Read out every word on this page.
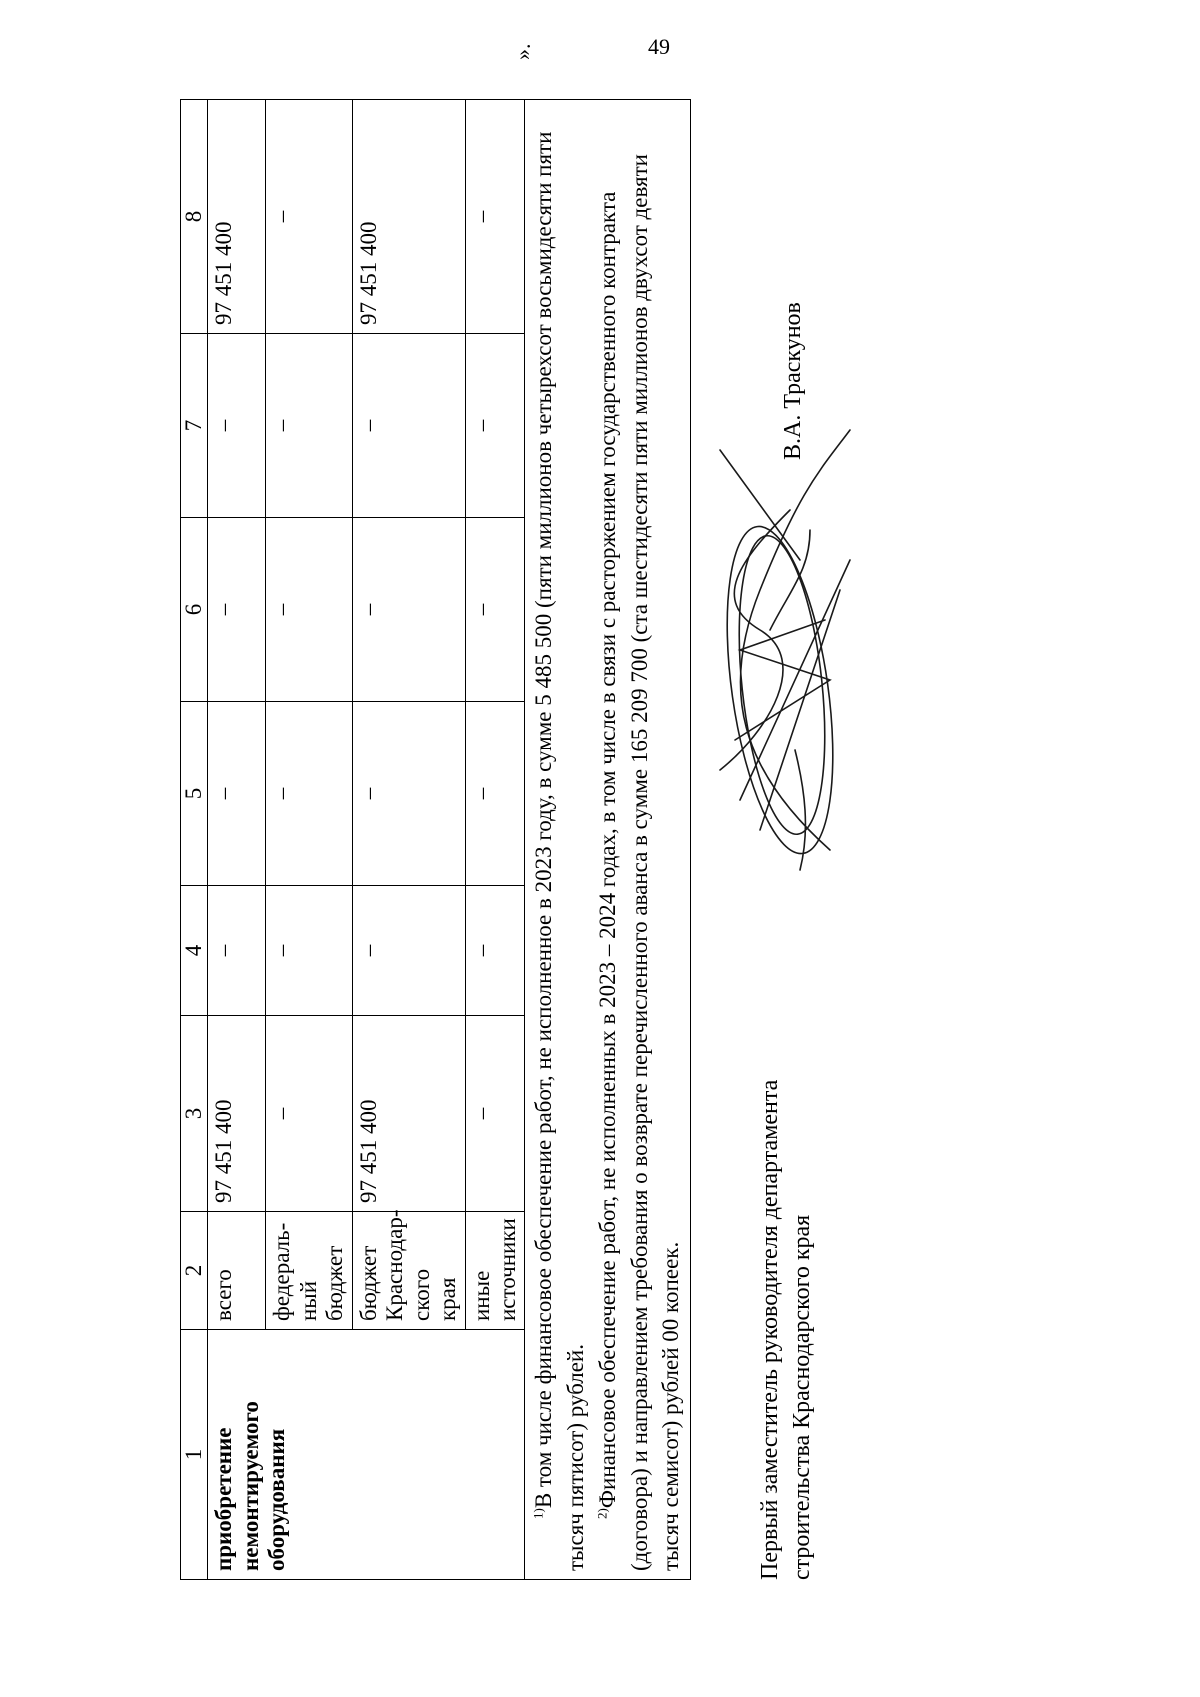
49
1	2	3	4	5	6	7	8
приобретение немонтируемого оборудования	всего	97 451 400	–	–	–	–	97 451 400
	федераль-ный бюджет	–	–	–	–	–	–
	бюджет Краснодар-ского края	97 451 400	–	–	–	–	97 451 400
	иные источники	–	–	–	–	–	–

$^{1)}$В том числе финансовое обеспечение работ, не исполненное в 2023 году, в сумме 5 485 500 (пяти миллионов четырехсот восьмидесяти пяти тысяч пятисот) рублей. $^{2)}$Финансовое обеспечение работ, не исполненных в 2023 – 2024 годах, в том числе в связи с расторжением государственного контракта (договора) и направлением требования о возврате перечисленного аванса в сумме 165 209 700 (ста шестидесяти пяти миллионов двухсот девяти тысяч семисот) рублей 00 копеек.							

».
Первый заместитель руководителя департамента строительства Краснодарского края
В.А. Траскунов
